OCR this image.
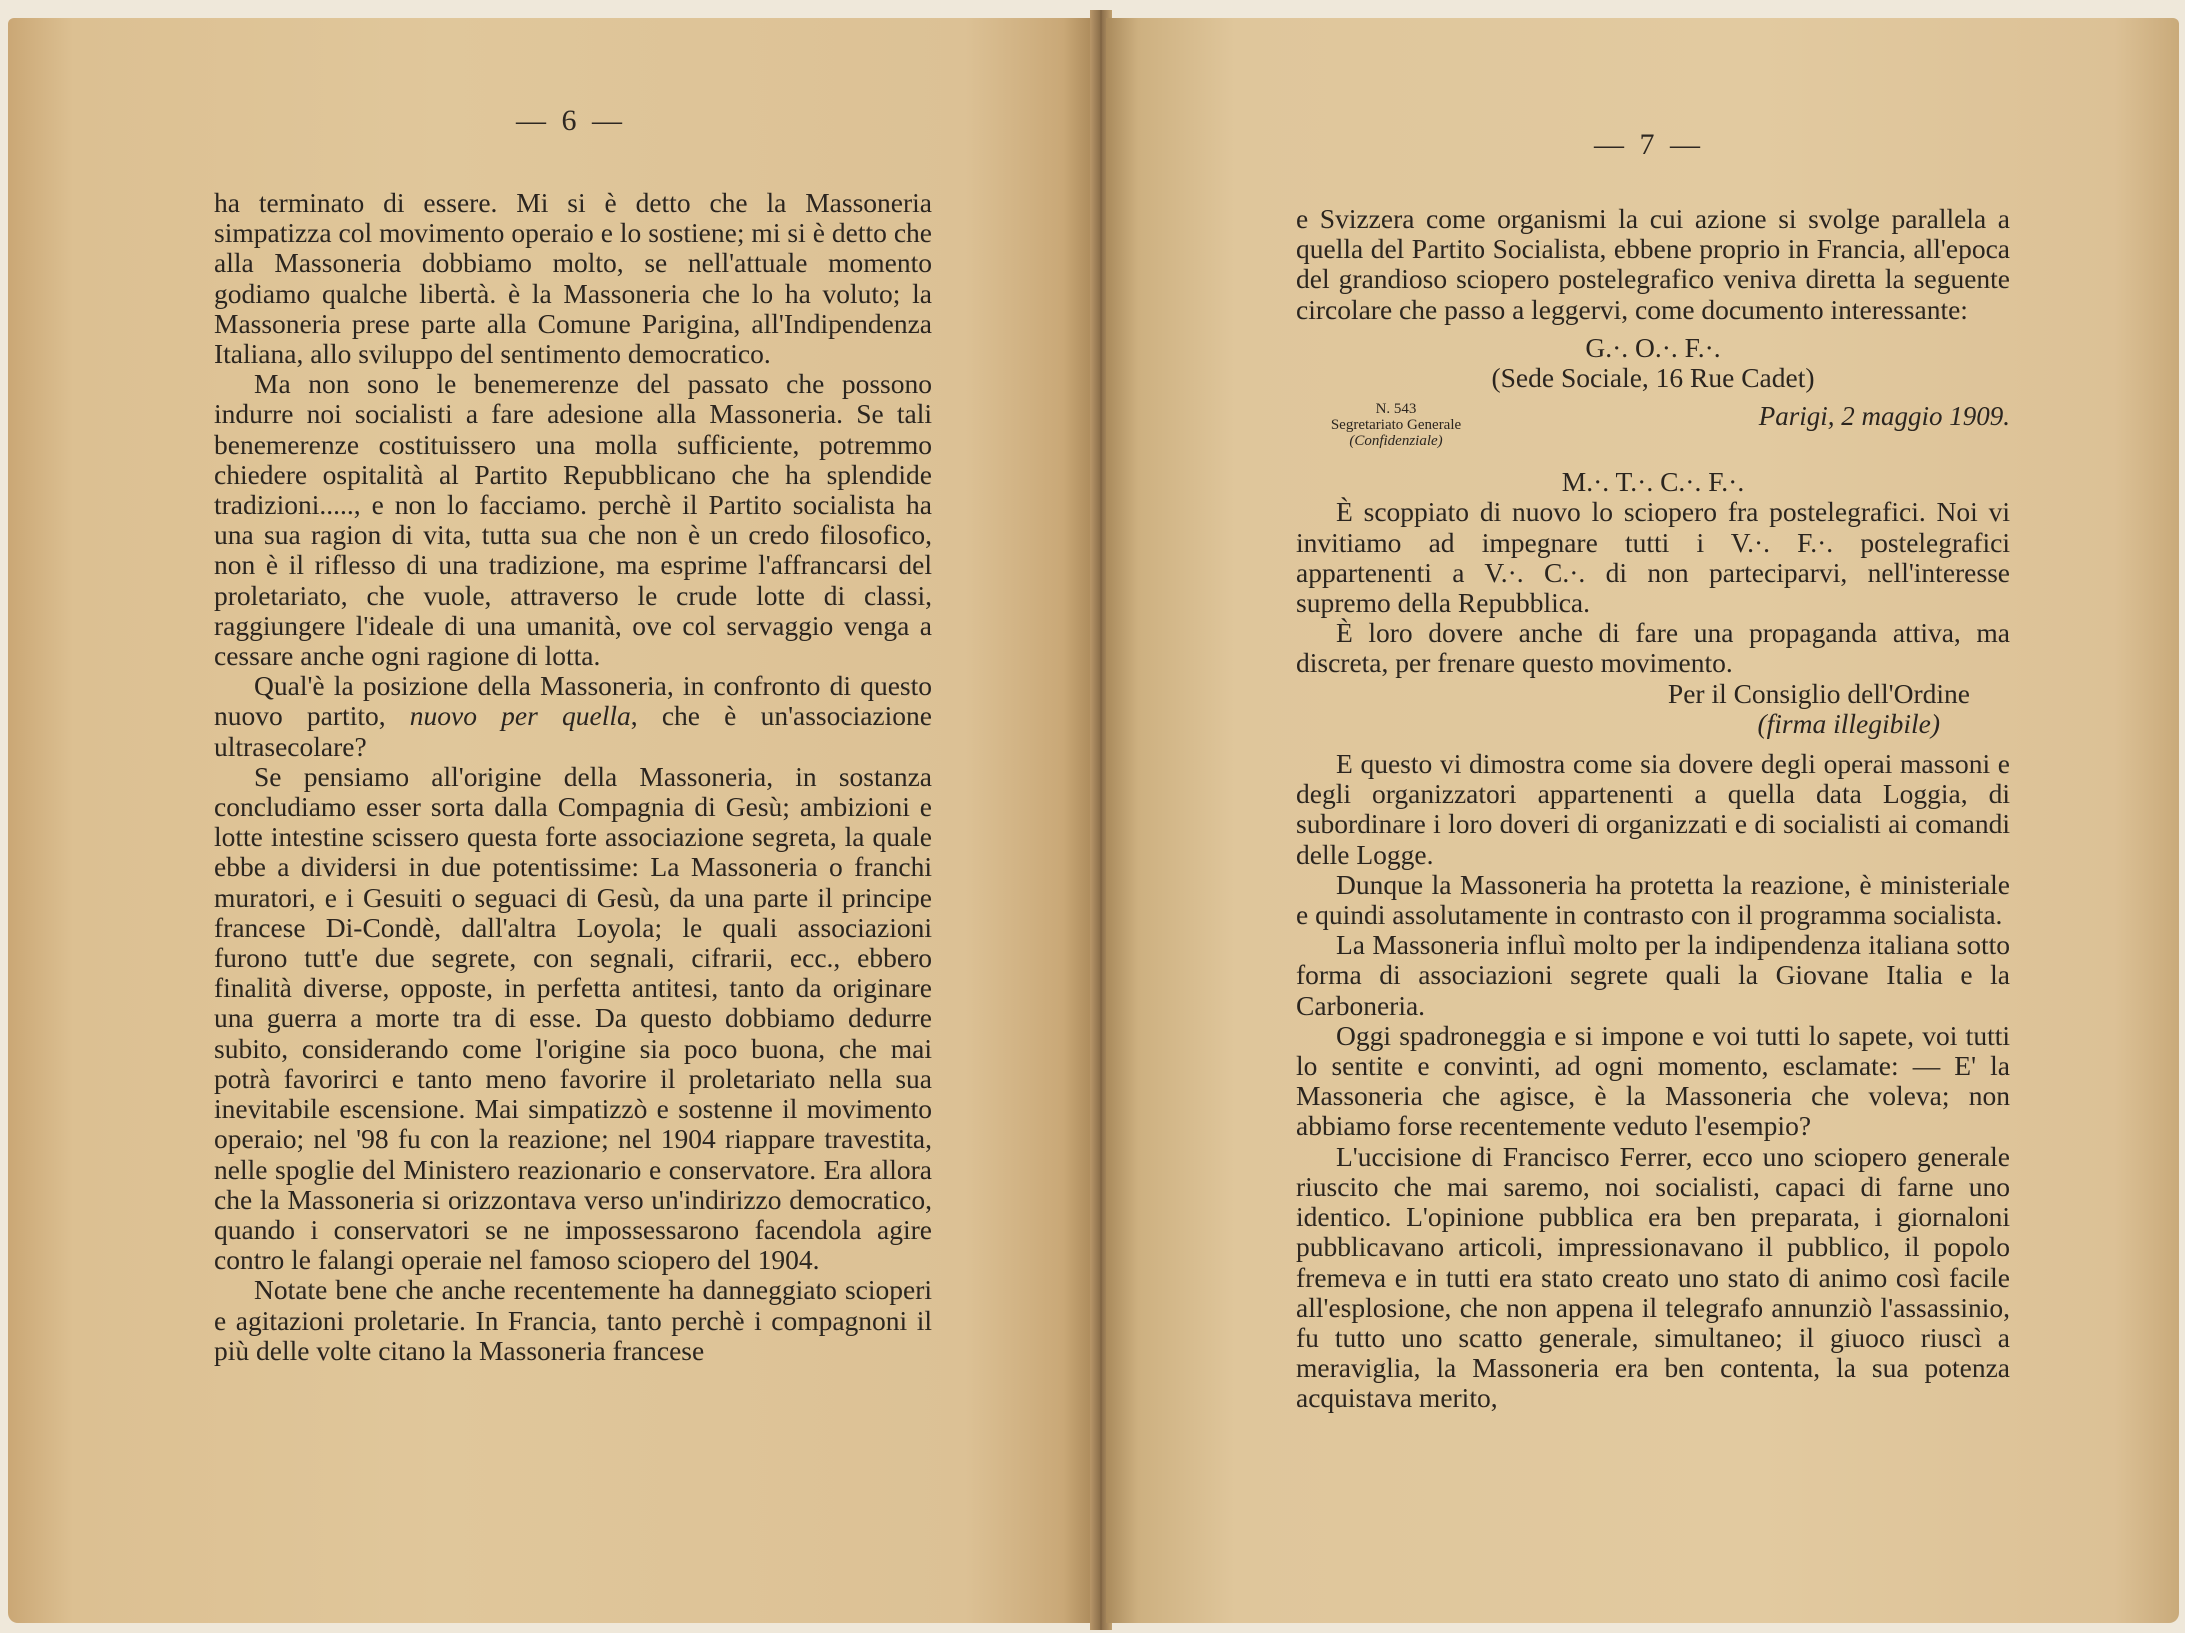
— 6 —

ha terminato di essere. Mi si è detto che la Massoneria simpatizza col movimento operaio e lo sostiene; mi si è detto che alla Massoneria dobbiamo molto, se nell'attuale momento godiamo qualche libertà. è la Massoneria che lo ha voluto; la Massoneria prese parte alla Comune Parigina, all'Indipendenza Italiana, allo sviluppo del sentimento democratico.

Ma non sono le benemerenze del passato che possono indurre noi socialisti a fare adesione alla Massoneria. Se tali benemerenze costituissero una molla sufficiente, potremmo chiedere ospitalità al Partito Repubblicano che ha splendide tradizioni....., e non lo facciamo. perchè il Partito socialista ha una sua ragion di vita, tutta sua che non è un credo filosofico, non è il riflesso di una tradizione, ma esprime l'affrancarsi del proletariato, che vuole, attraverso le crude lotte di classi, raggiungere l'ideale di una umanità, ove col servaggio venga a cessare anche ogni ragione di lotta.

Qual'è la posizione della Massoneria, in confronto di questo nuovo partito, nuovo per quella, che è un'associazione ultrasecolare?

Se pensiamo all'origine della Massoneria, in sostanza concludiamo esser sorta dalla Compagnia di Gesù; ambizioni e lotte intestine scissero questa forte associazione segreta, la quale ebbe a dividersi in due potentissime: La Massoneria o franchi muratori, e i Gesuiti o seguaci di Gesù, da una parte il principe francese Di-Condè, dall'altra Loyola; le quali associazioni furono tutt'e due segrete, con segnali, cifrarii, ecc., ebbero finalità diverse, opposte, in perfetta antitesi, tanto da originare una guerra a morte tra di esse. Da questo dobbiamo dedurre subito, considerando come l'origine sia poco buona, che mai potrà favorirci e tanto meno favorire il proletariato nella sua inevitabile escensione. Mai simpatizzò e sostenne il movimento operaio; nel '98 fu con la reazione; nel 1904 riappare travestita, nelle spoglie del Ministero reazionario e conservatore. Era allora che la Massoneria si orizzontava verso un'indirizzo democratico, quando i conservatori se ne impossessarono facendola agire contro le falangi operaie nel famoso sciopero del 1904.

Notate bene che anche recentemente ha danneggiato scioperi e agitazioni proletarie. In Francia, tanto perchè i compagnoni il più delle volte citano la Massoneria francese

— 7 —

e Svizzera come organismi la cui azione si svolge parallela a quella del Partito Socialista, ebbene proprio in Francia, all'epoca del grandioso sciopero postelegrafico veniva diretta la seguente circolare che passo a leggervi, come documento interessante:

G.·. O.·. F.·.

(Sede Sociale, 16 Rue Cadet)

N. 543
Segretariato Generale
(Confidenziale)
Parigi, 2 maggio 1909.

M.·. T.·. C.·. F.·.

È scoppiato di nuovo lo sciopero fra postelegrafici. Noi vi invitiamo ad impegnare tutti i V.·. F.·. postelegrafici appartenenti a V.·. C.·. di non parteciparvi, nell'interesse supremo della Repubblica.

È loro dovere anche di fare una propaganda attiva, ma discreta, per frenare questo movimento.

Per il Consiglio dell'Ordine

(firma illegibile)

E questo vi dimostra come sia dovere degli operai massoni e degli organizzatori appartenenti a quella data Loggia, di subordinare i loro doveri di organizzati e di socialisti ai comandi delle Logge.

Dunque la Massoneria ha protetta la reazione, è ministeriale e quindi assolutamente in contrasto con il programma socialista.

La Massoneria influì molto per la indipendenza italiana sotto forma di associazioni segrete quali la Giovane Italia e la Carboneria.

Oggi spadroneggia e si impone e voi tutti lo sapete, voi tutti lo sentite e convinti, ad ogni momento, esclamate: — E' la Massoneria che agisce, è la Massoneria che voleva; non abbiamo forse recentemente veduto l'esempio?

L'uccisione di Francisco Ferrer, ecco uno sciopero generale riuscito che mai saremo, noi socialisti, capaci di farne uno identico. L'opinione pubblica era ben preparata, i giornaloni pubblicavano articoli, impressionavano il pubblico, il popolo fremeva e in tutti era stato creato uno stato di animo così facile all'esplosione, che non appena il telegrafo annunziò l'assassinio, fu tutto uno scatto generale, simultaneo; il giuoco riuscì a meraviglia, la Massoneria era ben contenta, la sua potenza acquistava merito,
